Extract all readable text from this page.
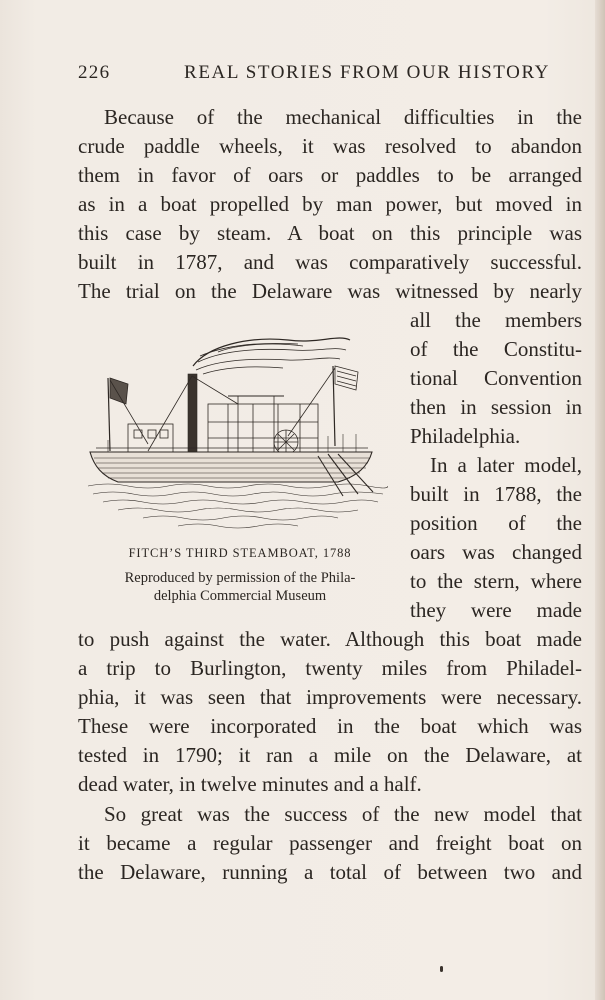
226	REAL STORIES FROM OUR HISTORY
Because of the mechanical difficulties in the
crude paddle wheels, it was resolved to abandon
them in favor of oars or paddles to be arranged
as in a boat propelled by man power, but moved in
this case by steam. A boat on this principle was
built in 1787, and was comparatively successful.
The trial on the Delaware was witnessed by nearly
all the members
of the Constitu-
tional Convention
then in session in
Philadelphia.
In a later model,
built in 1788, the
position of the
oars was changed
to the stern, where
they were made
to push against the water. Although this boat made
a trip to Burlington, twenty miles from Philadel-
phia, it was seen that improvements were necessary.
These were incorporated in the boat which was
tested in 1790; it ran a mile on the Delaware, at
dead water, in twelve minutes and a half.
So great was the success of the new model that
it became a regular passenger and freight boat on
the Delaware, running a total of between two and
FITCH’S THIRD STEAMBOAT, 1788
Reproduced by permission of the Phila-
delphia Commercial Museum
